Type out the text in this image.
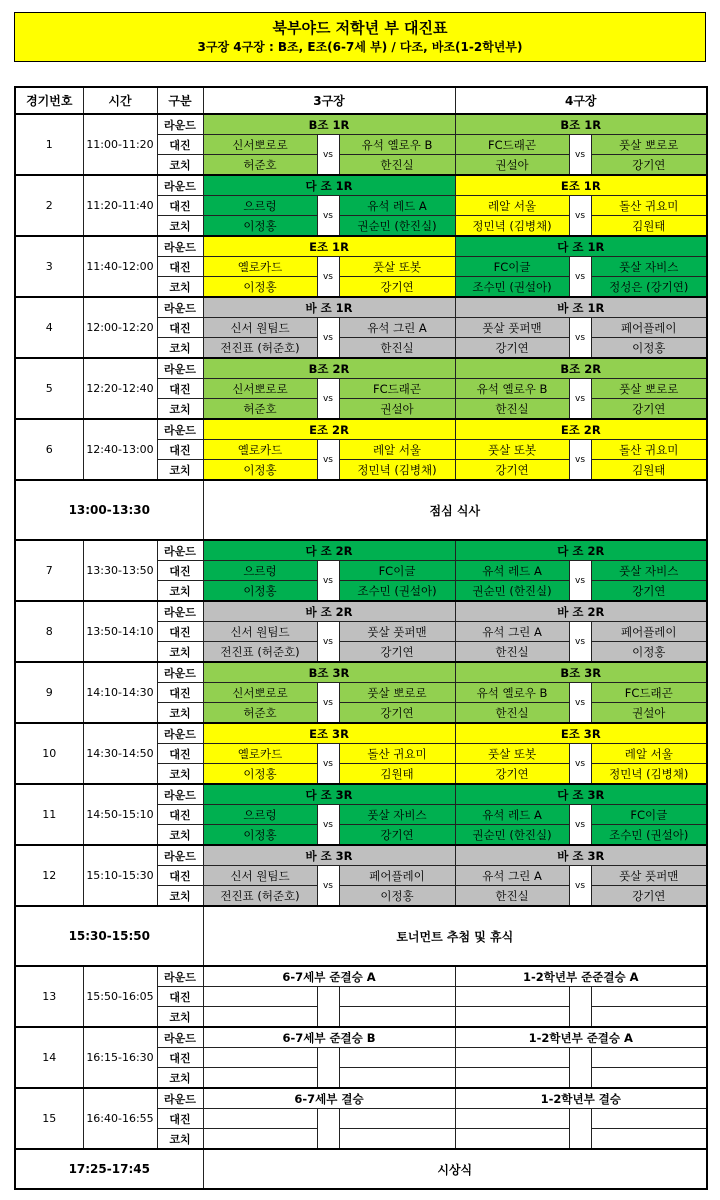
북부야드 저학년 부 대진표
3구장 4구장 : B조, E조(6-7세 부) / 다조, 바조(1-2학년부)
경기번호	시간	구분	3구장			4구장		
1	11:00-11:20	라운드	B조 1R			B조 1R		
		대진	신서뽀로로	vs	유석 옐로우 B	FC드래곤	vs	풋살 뽀로로
		코치	허준호		한진실	권설아		강기연
2	11:20-11:40	라운드	다 조 1R			E조 1R		
		대진	으르렁	vs	유석 레드 A	레알 서울	vs	돌산 귀요미
		코치	이정홍		권순민 (한진실)	정민녁 (김병채)		김원태
3	11:40-12:00	라운드	E조 1R			다 조 1R		
		대진	옐로카드	vs	풋살 또봇	FC이글	vs	풋살 자비스
		코치	이정홍		강기연	조수민 (권설아)		정성은 (강기연)
4	12:00-12:20	라운드	바 조 1R			바 조 1R		
		대진	신서 원팀드	vs	유석 그린 A	풋살 풋퍼맨	vs	페어플레이
		코치	전진표 (허준호)		한진실	강기연		이정홍
5	12:20-12:40	라운드	B조 2R			B조 2R		
		대진	신서뽀로로	vs	FC드래곤	유석 옐로우 B	vs	풋살 뽀로로
		코치	허준호		권설아	한진실		강기연
6	12:40-13:00	라운드	E조 2R			E조 2R		
		대진	옐로카드	vs	레알 서울	풋살 또봇	vs	돌산 귀요미
		코치	이정홍		정민녁 (김병채)	강기연		김원태
13:00-13:30			점심 식사					
7	13:30-13:50	라운드	다 조 2R			다 조 2R		
		대진	으르렁	vs	FC이글	유석 레드 A	vs	풋살 자비스
		코치	이정홍		조수민 (권설아)	권순민 (한진실)		강기연
8	13:50-14:10	라운드	바 조 2R			바 조 2R		
		대진	신서 원팀드	vs	풋살 풋퍼맨	유석 그린 A	vs	페어플레이
		코치	전진표 (허준호)		강기연	한진실		이정홍
9	14:10-14:30	라운드	B조 3R			B조 3R		
		대진	신서뽀로로	vs	풋살 뽀로로	유석 옐로우 B	vs	FC드래곤
		코치	허준호		강기연	한진실		권설아
10	14:30-14:50	라운드	E조 3R			E조 3R		
		대진	옐로카드	vs	돌산 귀요미	풋살 또봇	vs	레알 서울
		코치	이정홍		김원태	강기연		정민녁 (김병채)
11	14:50-15:10	라운드	다 조 3R			다 조 3R		
		대진	으르렁	vs	풋살 자비스	유석 레드 A	vs	FC이글
		코치	이정홍		강기연	권순민 (한진실)		조수민 (권설아)
12	15:10-15:30	라운드	바 조 3R			바 조 3R		
		대진	신서 원팀드	vs	페어플레이	유석 그린 A	vs	풋살 풋퍼맨
		코치	전진표 (허준호)		이정홍	한진실		강기연
15:30-15:50			토너먼트 추첨 및 휴식					
13	15:50-16:05	라운드	6-7세부 준결승 A			1-2학년부 준준결승 A		
		대진						
		코치						
14	16:15-16:30	라운드	6-7세부 준결승 B			1-2학년부 준결승 A		
		대진						
		코치						
15	16:40-16:55	라운드	6-7세부 결승			1-2학년부 결승		
		대진						
		코치						
17:25-17:45			시상식					
